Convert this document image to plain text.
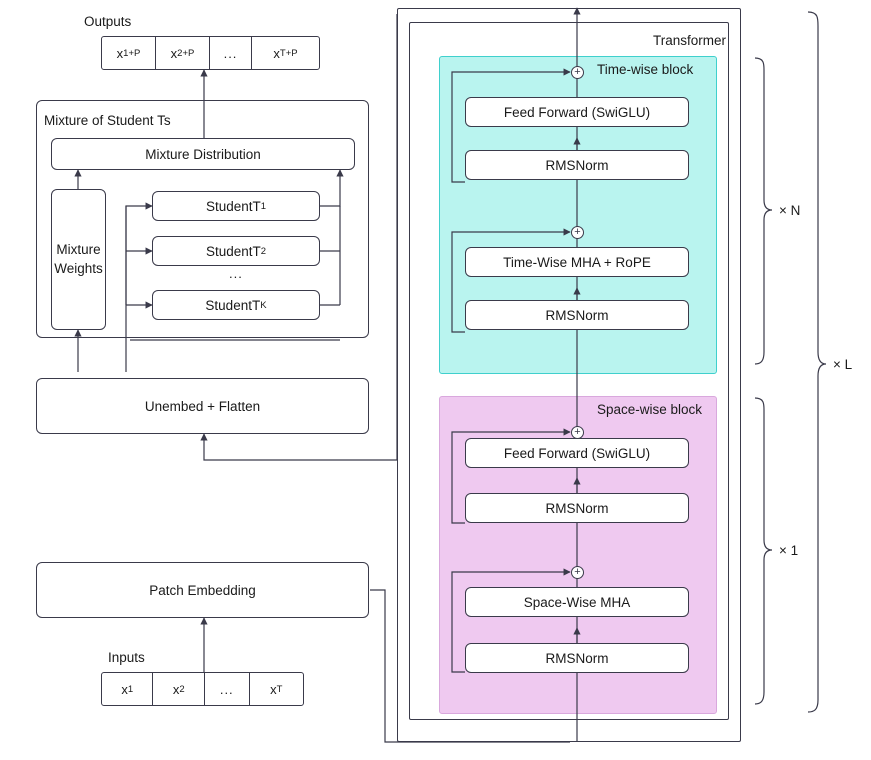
Transformer
+
+
+
+
Time-wise block
Space-wise block
Feed Forward (SwiGLU)
RMSNorm
Time-Wise MHA + RoPE
RMSNorm
Feed Forward (SwiGLU)
RMSNorm
Space-Wise MHA
RMSNorm
× N
× 1
× L
Outputs
x 1+P x 2+P	...	x T+P
Mixture of Student Ts
Mixture Distribution
Mixture Weights
StudentT 1
StudentT 2
...
StudentT K
Unembed + Flatten
Patch Embedding
Inputs
x 1	x 2	...	x T
